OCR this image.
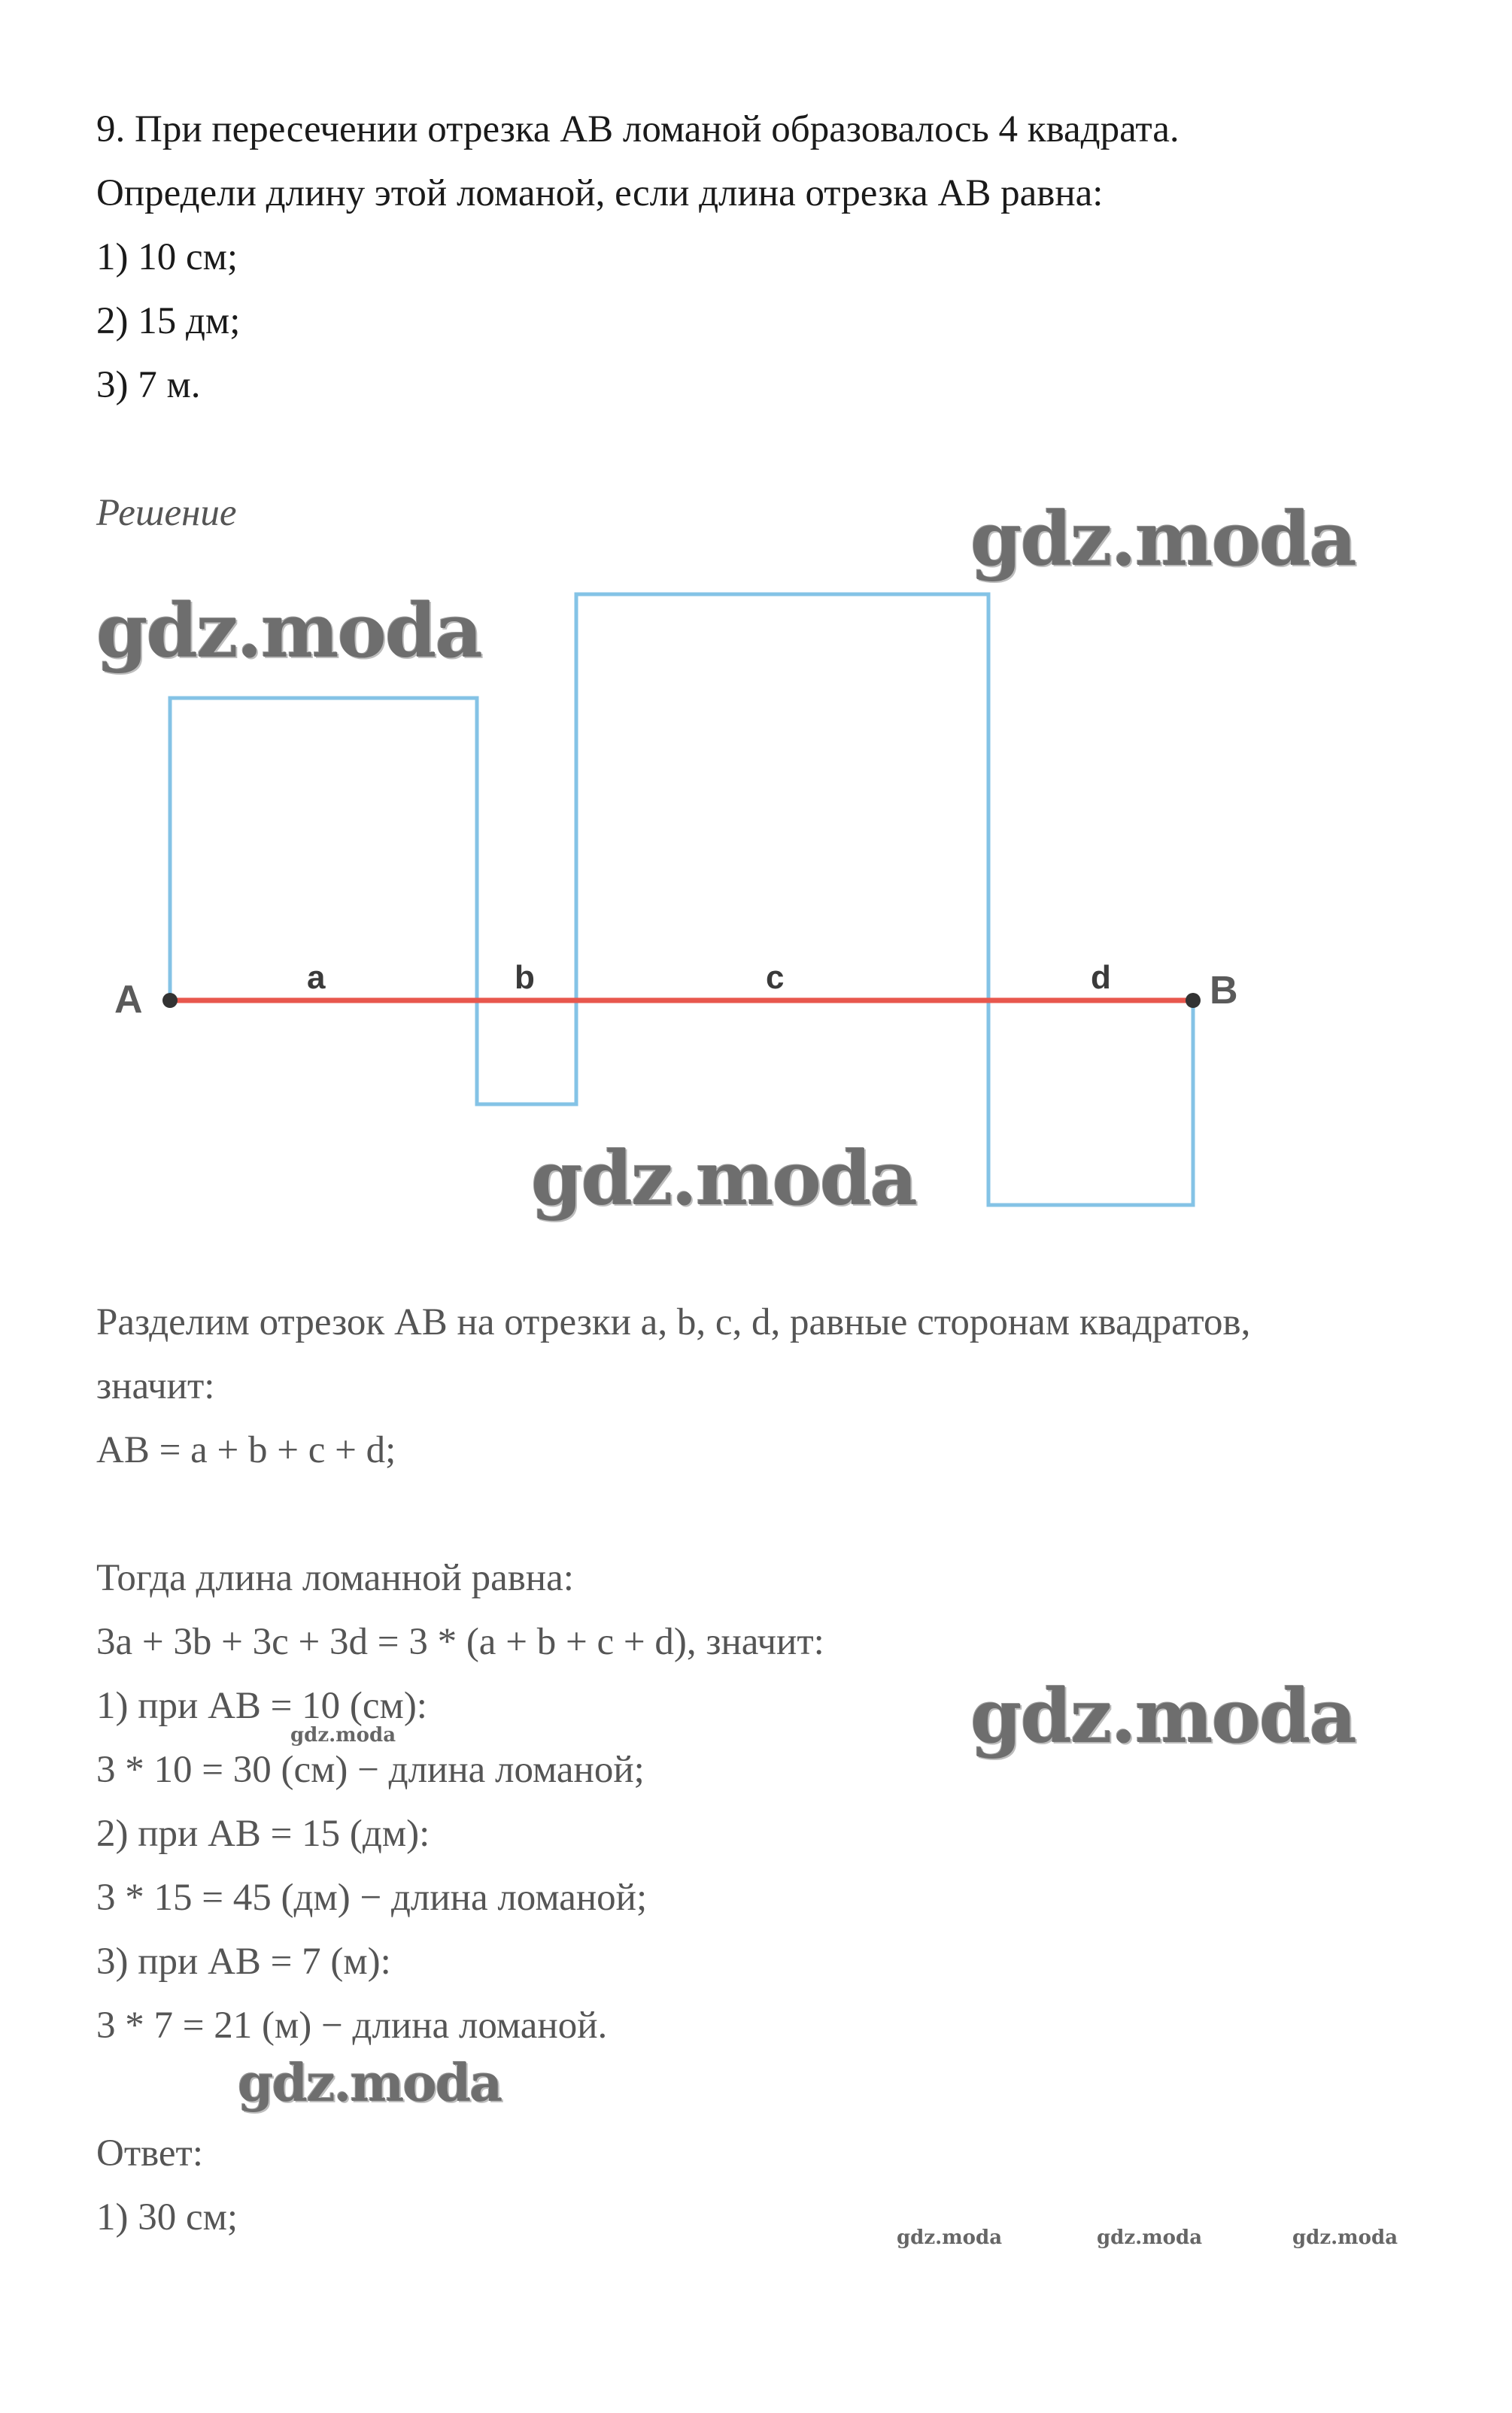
9. При пересечении отрезка АВ ломаной образовалось 4 квадрата.
Определи длину этой ломаной, если длина отрезка АВ равна:
1) 10 см;
2) 15 дм;
3) 7 м.
Решение
A	B
a	b	c	d
Разделим отрезок АВ на отрезки a, b, c, d, равные сторонам квадратов,
значит:
AB = a + b + c + d;
Тогда длина ломанной равна:
3a + 3b + 3c + 3d = 3 * (a + b + c + d), значит:
1) при AB = 10 (см):
3 * 10 = 30 (см) − длина ломаной;
2) при AB = 15 (дм):
3 * 15 = 45 (дм) − длина ломаной;
3) при AB = 7 (м):
3 * 7 = 21 (м) − длина ломаной.
Ответ:
1) 30 см;
gdz.moda
gdz.moda
gdz.moda
gdz.moda
gdz.moda
gdz.moda
gdz.moda	gdz.moda	gdz.moda
